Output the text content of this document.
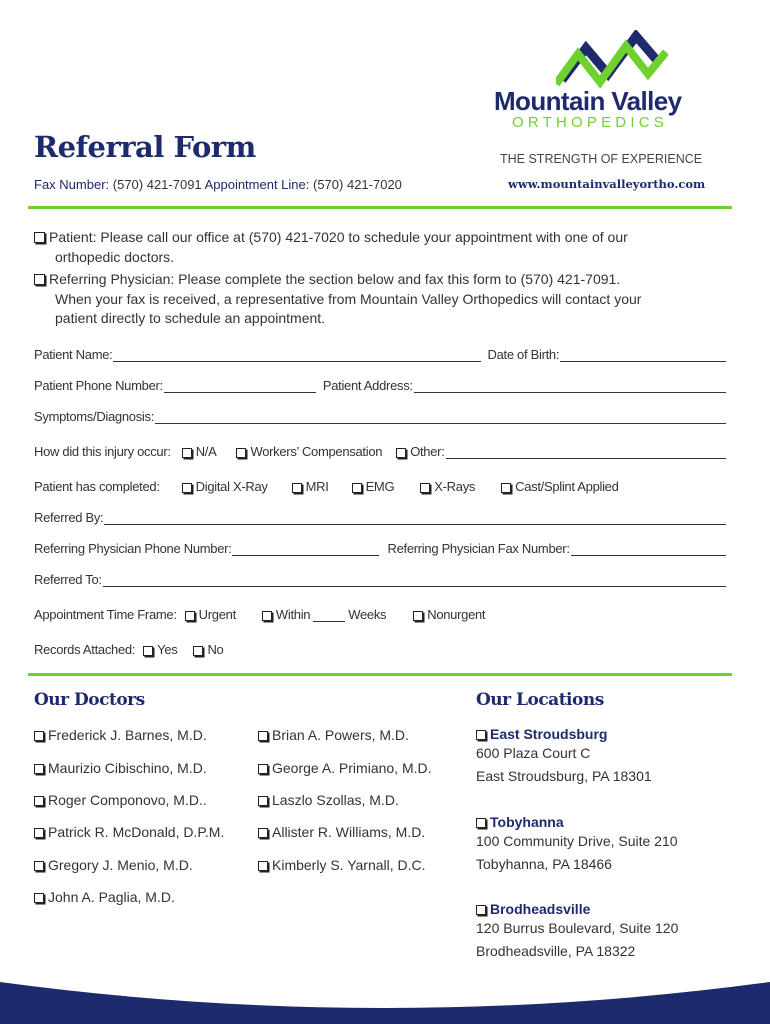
Mountain Valley
ORTHOPEDICS
THE STRENGTH OF EXPERIENCE
www.mountainvalleyortho.com
Referral Form
Fax Number: (570) 421-7091 Appointment Line: (570) 421-7020
Patient: Please call our office at (570) 421-7020 to schedule your appointment with one of our
orthopedic doctors.
Referring Physician: Please complete the section below and fax this form to (570) 421-7091.
When your fax is received, a representative from Mountain Valley Orthopedics will contact your
patient directly to schedule an appointment.
Patient Name:	Date of Birth:
Patient Phone Number:	Patient Address:
Symptoms/Diagnosis:
How did this injury occur: N/A	Workers’ Compensation Other:
Patient has completed:	Digital X-Ray	MRI	EMG	X-Rays	Cast/Splint Applied
Referred By:
Referring Physician Phone Number:	Referring Physician Fax Number:
Referred To:
Appointment Time Frame: Urgent	Within	Weeks	Nonurgent
Records Attached: Yes No
Our Doctors
Frederick J. Barnes, M.D.
Maurizio Cibischino, M.D.
Roger Componovo, M.D..
Patrick R. McDonald, D.P.M.
Gregory J. Menio, M.D.
John A. Paglia, M.D.
Brian A. Powers, M.D.
George A. Primiano, M.D.
Laszlo Szollas, M.D.
Allister R. Williams, M.D.
Kimberly S. Yarnall, D.C.
Our Locations
East Stroudsburg
600 Plaza Court C
East Stroudsburg, PA 18301
Tobyhanna
100 Community Drive, Suite 210
Tobyhanna, PA 18466
Brodheadsville
120 Burrus Boulevard, Suite 120
Brodheadsville, PA 18322
